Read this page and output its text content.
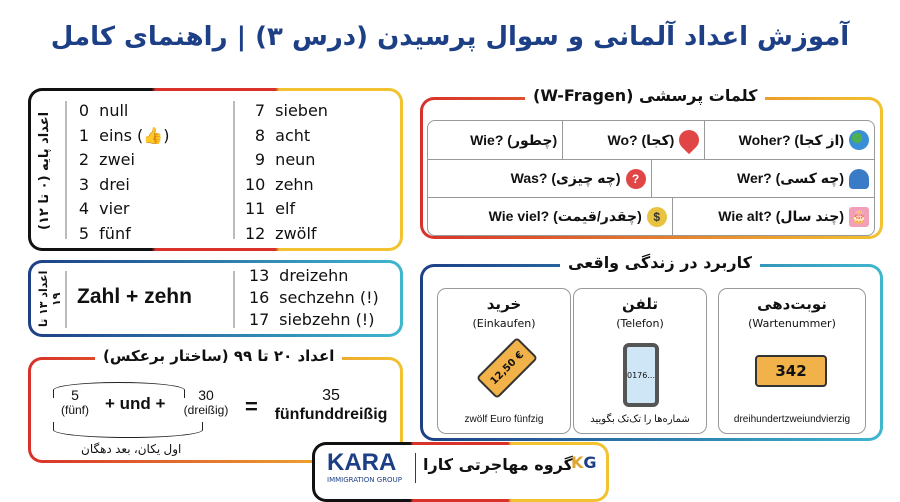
آموزش اعداد آلمانی و سوال پرسیدن (درس ۳) | راهنمای کامل
اعداد پایه (۰ تا ۱۲)
0 null
1 eins (👍)
2 zwei
3 drei
4 vier
5 fünf
7 sieben
8 acht
9 neun
10 zehn
11 elf
12 zwölf
اعداد ۱۳ تا ۱۹ Zahl + zehn
13 dreizehn
16 sechzehn (!)
17 siebzehn (!)
5
(fünf) + und +	30
(dreißig) =	35
fünfunddreißig
اول یکان، بعد دهگان
اعداد ۲۰ تا ۹۹ (ساختار برعکس)
کلمات پرسشی (W-Fragen)
Wie? (چطور)	Wo? (کجا)	Woher? (از کجا)
Was? (چه چیزی) ?	Wer? (چه کسی)
Wie viel? (چقدر/قیمت) $	Wie alt? (چند سال) 🎂
کاربرد در زندگی واقعی
خرید
(Einkaufen)
12,50 €
zwölf Euro fünfzig
تلفن
(Telefon)
0176...
شماره‌ها را تک‌تک بگویید
نوبت‌دهی
(Wartenummer)
342
dreihundertzweiundvierzig
KARA
IMMIGRATION GROUP
گروه مهاجرتی کارا
KG
